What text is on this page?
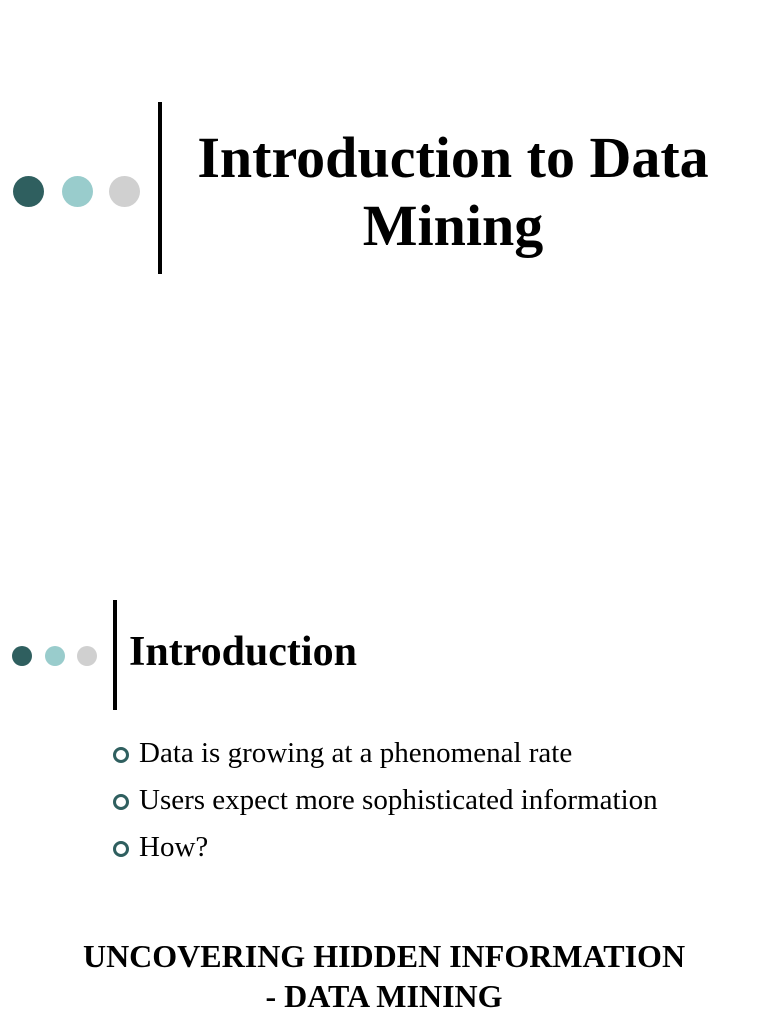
Introduction to Data
Mining
Introduction
Data is growing at a phenomenal rate
Users expect more sophisticated information
How?
UNCOVERING HIDDEN INFORMATION
- DATA MINING
